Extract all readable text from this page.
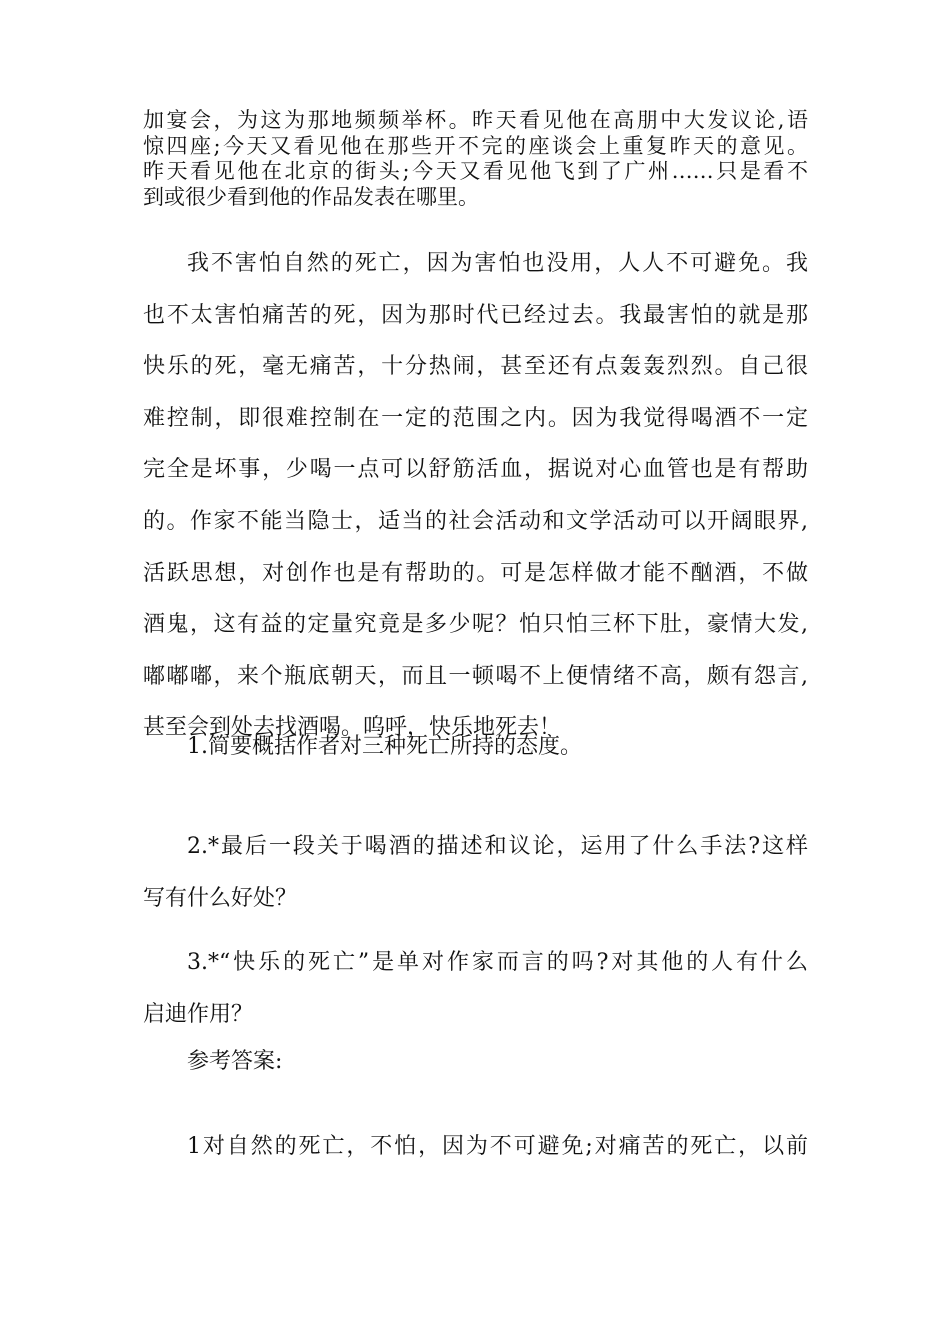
加宴会，为这为那地频频举杯。昨天看见他在高朋中大发议论,语
惊四座;今天又看见他在那些开不完的座谈会上重复昨天的意见。
昨天看见他在北京的街头;今天又看见他飞到了广州……只是看不
到或很少看到他的作品发表在哪里。
我不害怕自然的死亡，因为害怕也没用，人人不可避免。我
也不太害怕痛苦的死，因为那时代已经过去。我最害怕的就是那
快乐的死，毫无痛苦，十分热闹，甚至还有点轰轰烈烈。自己很
难控制，即很难控制在一定的范围之内。因为我觉得喝酒不一定
完全是坏事，少喝一点可以舒筋活血，据说对心血管也是有帮助
的。作家不能当隐士，适当的社会活动和文学活动可以开阔眼界,
活跃思想，对创作也是有帮助的。可是怎样做才能不酗酒，不做
酒鬼，这有益的定量究竟是多少呢？怕只怕三杯下肚，豪情大发,
嘟嘟嘟，来个瓶底朝天，而且一顿喝不上便情绪不高，颇有怨言,
甚至会到处去找酒喝。呜呼，快乐地死去！
1.简要概括作者对三种死亡所持的态度。
2.*最后一段关于喝酒的描述和议论，运用了什么手法?这样
写有什么好处？
3.*“快乐的死亡”是单对作家而言的吗?对其他的人有什么
启迪作用？
参考答案:
1对自然的死亡，不怕，因为不可避免;对痛苦的死亡，以前
